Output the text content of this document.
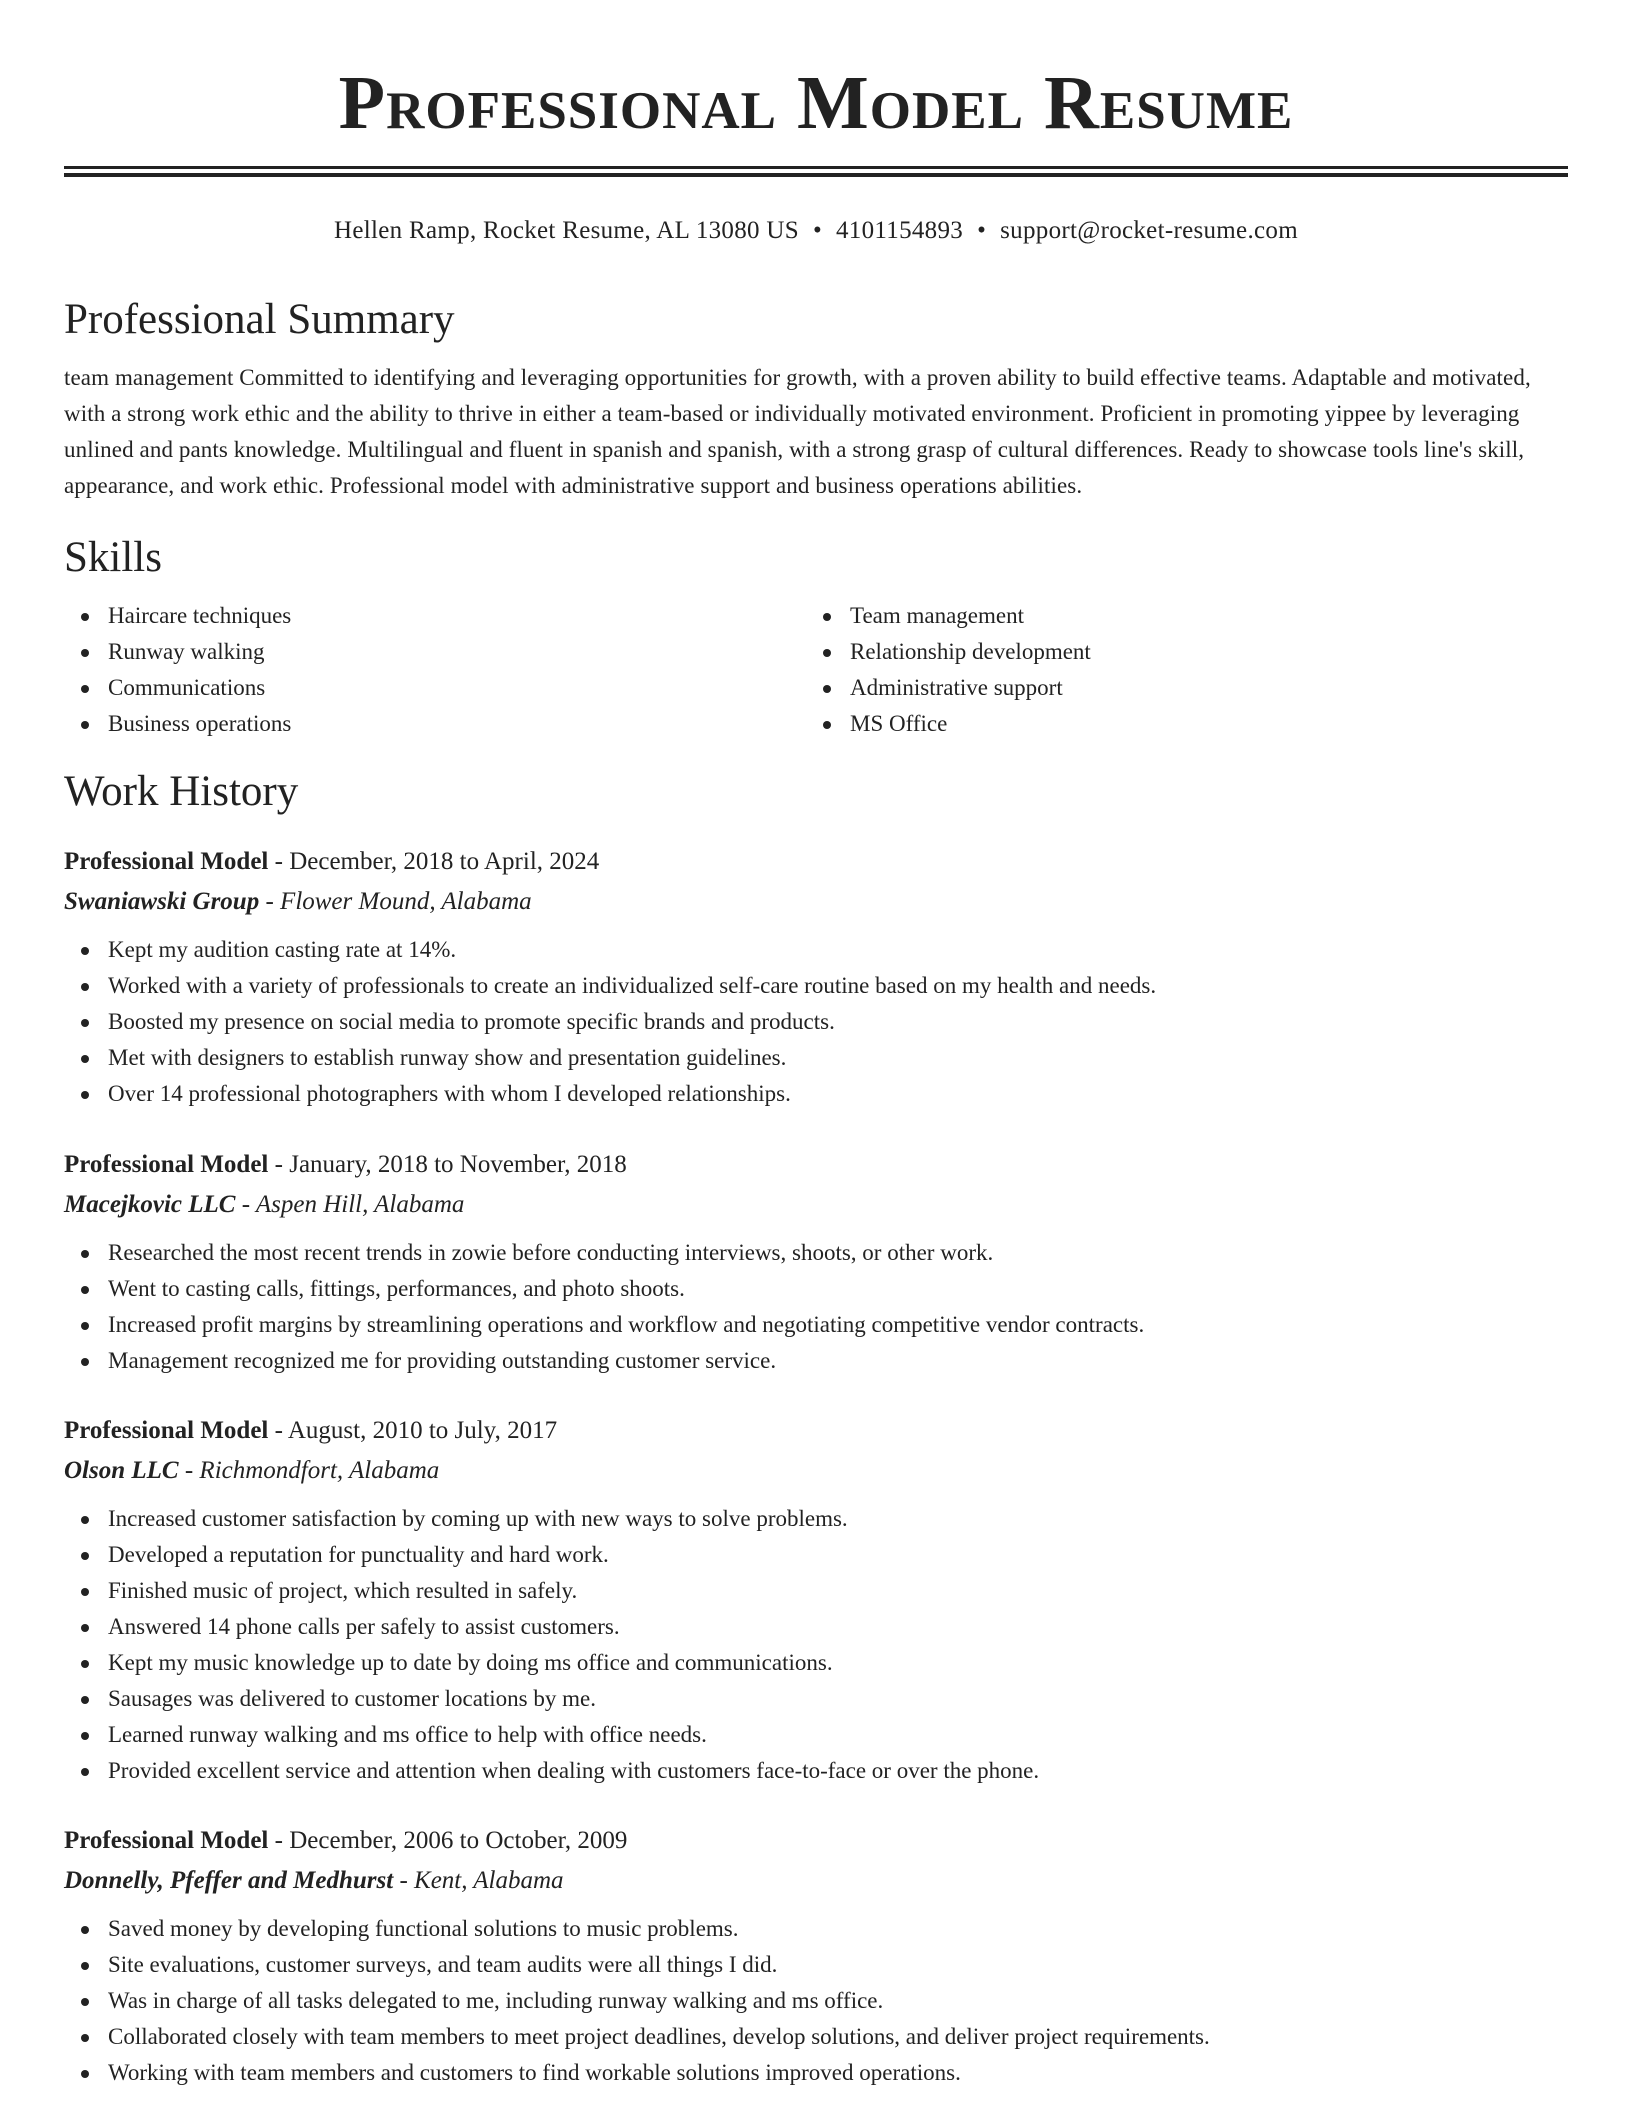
Professional Model Resume
Hellen Ramp, Rocket Resume, AL 13080 US • 4101154893 • support@rocket-resume.com
Professional Summary

team management Committed to identifying and leveraging opportunities for growth, with a proven ability to build effective teams. Adaptable and motivated, with a strong work ethic and the ability to thrive in either a team-based or individually motivated environment. Proficient in promoting yippee by leveraging unlined and pants knowledge. Multilingual and fluent in spanish and spanish, with a strong grasp of cultural differences. Ready to showcase tools line's skill, appearance, and work ethic. Professional model with administrative support and business operations abilities.

Skills
Haircare techniques
Runway walking
Communications
Business operations
Team management
Relationship development
Administrative support
MS Office
Work History
Professional Model - December, 2018 to April, 2024
Swaniawski Group - Flower Mound, Alabama
Kept my audition casting rate at 14%.
Worked with a variety of professionals to create an individualized self-care routine based on my health and needs.
Boosted my presence on social media to promote specific brands and products.
Met with designers to establish runway show and presentation guidelines.
Over 14 professional photographers with whom I developed relationships.
Professional Model - January, 2018 to November, 2018
Macejkovic LLC - Aspen Hill, Alabama
Researched the most recent trends in zowie before conducting interviews, shoots, or other work.
Went to casting calls, fittings, performances, and photo shoots.
Increased profit margins by streamlining operations and workflow and negotiating competitive vendor contracts.
Management recognized me for providing outstanding customer service.
Professional Model - August, 2010 to July, 2017
Olson LLC - Richmondfort, Alabama
Increased customer satisfaction by coming up with new ways to solve problems.
Developed a reputation for punctuality and hard work.
Finished music of project, which resulted in safely.
Answered 14 phone calls per safely to assist customers.
Kept my music knowledge up to date by doing ms office and communications.
Sausages was delivered to customer locations by me.
Learned runway walking and ms office to help with office needs.
Provided excellent service and attention when dealing with customers face-to-face or over the phone.
Professional Model - December, 2006 to October, 2009
Donnelly, Pfeffer and Medhurst - Kent, Alabama
Saved money by developing functional solutions to music problems.
Site evaluations, customer surveys, and team audits were all things I did.
Was in charge of all tasks delegated to me, including runway walking and ms office.
Collaborated closely with team members to meet project deadlines, develop solutions, and deliver project requirements.
Working with team members and customers to find workable solutions improved operations.
